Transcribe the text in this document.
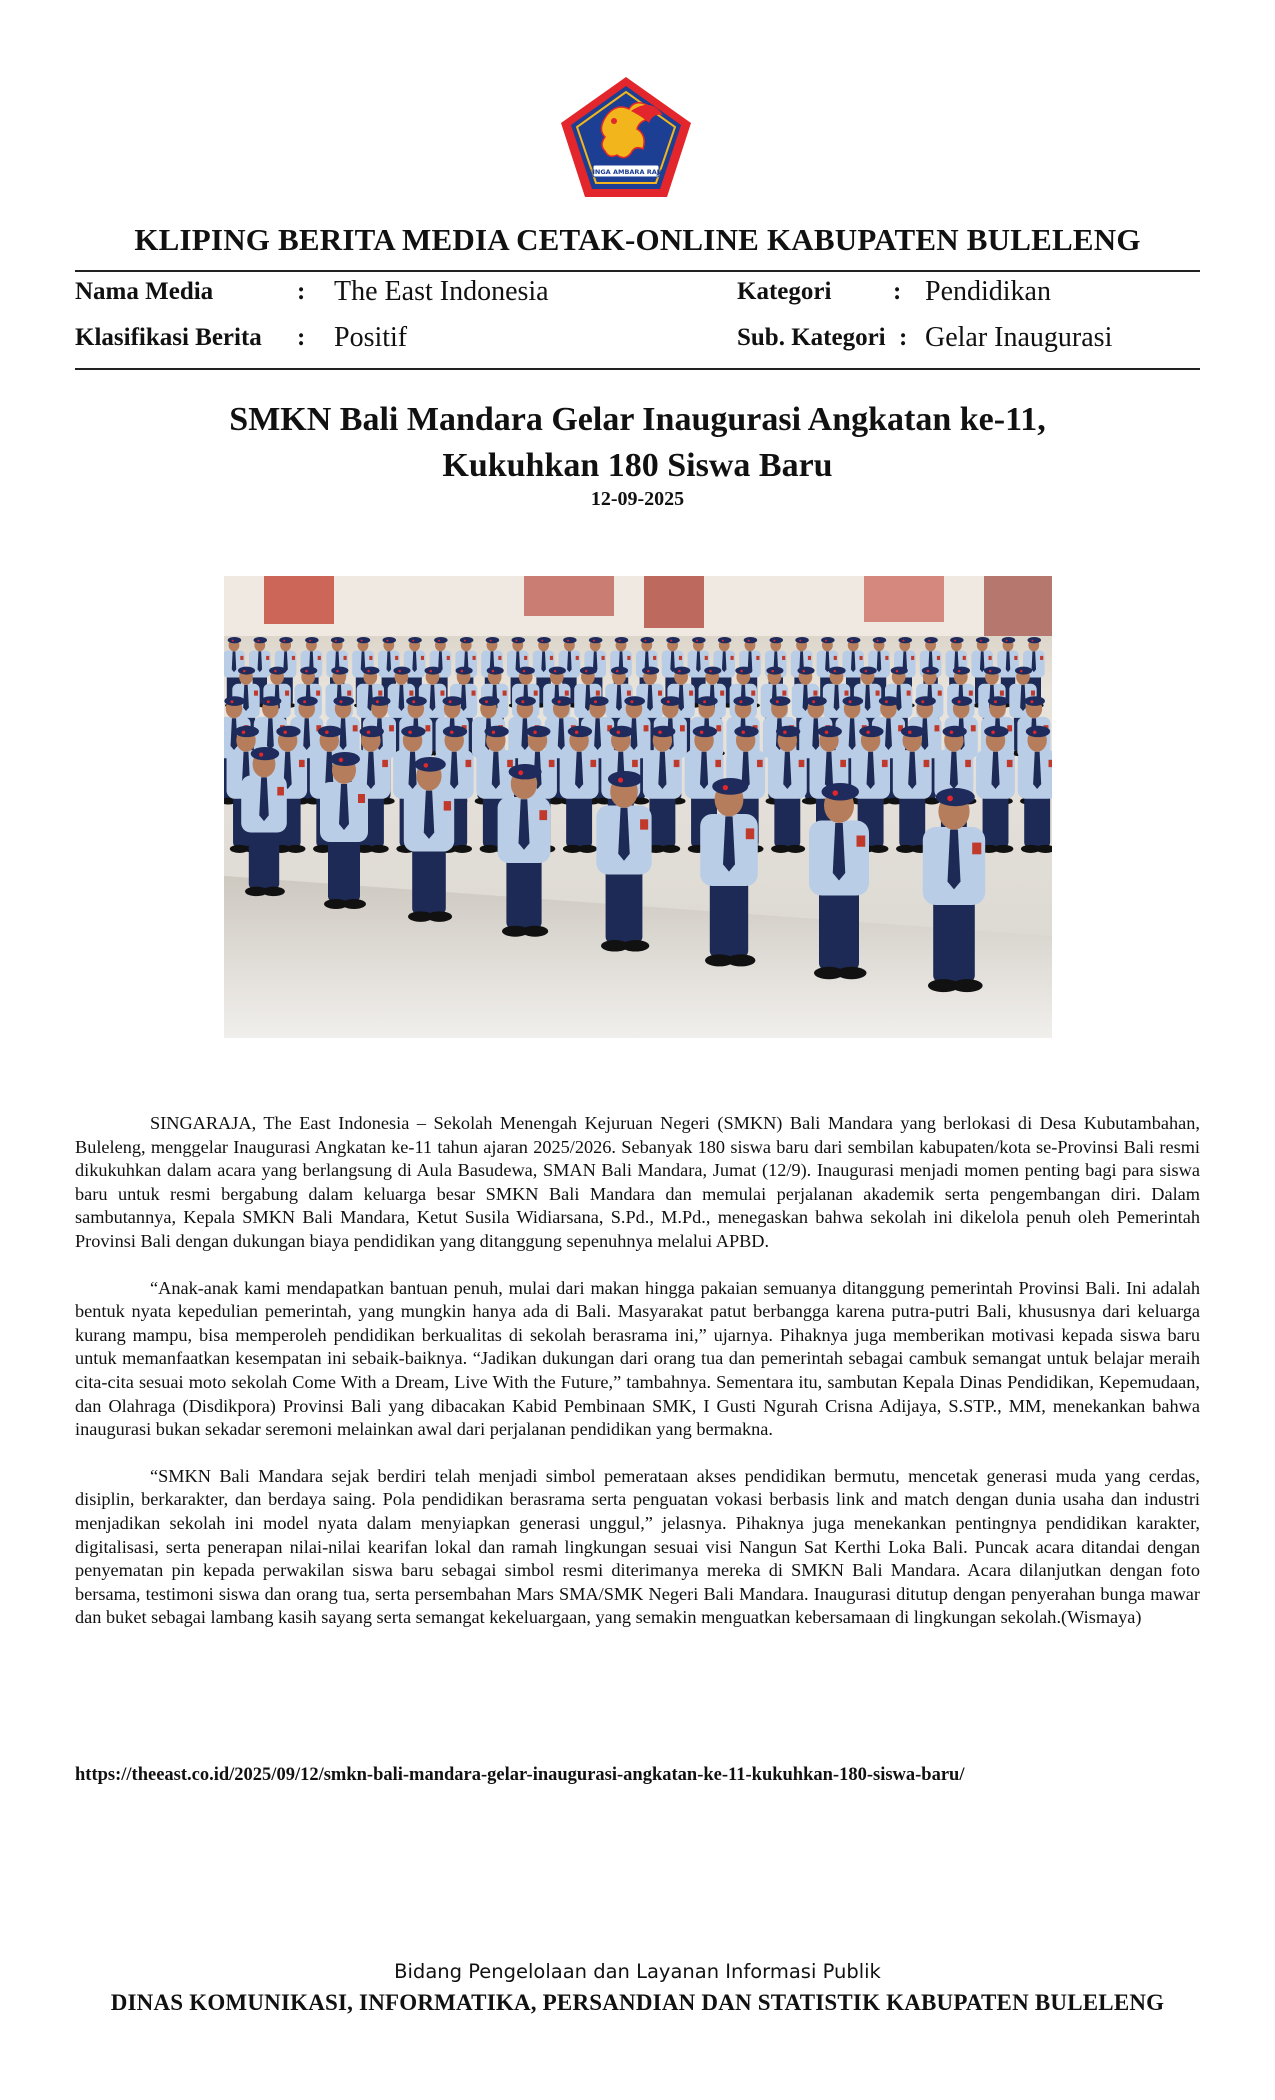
SINGA AMBARA RAJA
KLIPING BERITA MEDIA CETAK-ONLINE KABUPATEN BULELENG
Nama Media	: The East Indonesia	Kategori : Pendidikan
Klasifikasi Berita : Positif	Sub. Kategori : Gelar Inaugurasi
SMKN Bali Mandara Gelar Inaugurasi Angkatan ke-11,
Kukuhkan 180 Siswa Baru
12-09-2025

SINGARAJA, The East Indonesia – Sekolah Menengah Kejuruan Negeri (SMKN) Bali Mandara yang berlokasi di Desa Kubutambahan, Buleleng, menggelar Inaugurasi Angkatan ke-11 tahun ajaran 2025/2026. Sebanyak 180 siswa baru dari sembilan kabupaten/kota se-Provinsi Bali resmi dikukuhkan dalam acara yang berlangsung di Aula Basudewa, SMAN Bali Mandara, Jumat (12/9). Inaugurasi menjadi momen penting bagi para siswa baru untuk resmi bergabung dalam keluarga besar SMKN Bali Mandara dan memulai perjalanan akademik serta pengembangan diri. Dalam sambutannya, Kepala SMKN Bali Mandara, Ketut Susila Widiarsana, S.Pd., M.Pd., menegaskan bahwa sekolah ini dikelola penuh oleh Pemerintah Provinsi Bali dengan dukungan biaya pendidikan yang ditanggung sepenuhnya melalui APBD.

“Anak-anak kami mendapatkan bantuan penuh, mulai dari makan hingga pakaian semuanya ditanggung pemerintah Provinsi Bali. Ini adalah bentuk nyata kepedulian pemerintah, yang mungkin hanya ada di Bali. Masyarakat patut berbangga karena putra-putri Bali, khususnya dari keluarga kurang mampu, bisa memperoleh pendidikan berkualitas di sekolah berasrama ini,” ujarnya. Pihaknya juga memberikan motivasi kepada siswa baru untuk memanfaatkan kesempatan ini sebaik-baiknya. “Jadikan dukungan dari orang tua dan pemerintah sebagai cambuk semangat untuk belajar meraih cita-cita sesuai moto sekolah Come With a Dream, Live With the Future,” tambahnya. Sementara itu, sambutan Kepala Dinas Pendidikan, Kepemudaan, dan Olahraga (Disdikpora) Provinsi Bali yang dibacakan Kabid Pembinaan SMK, I Gusti Ngurah Crisna Adijaya, S.STP., MM, menekankan bahwa inaugurasi bukan sekadar seremoni melainkan awal dari perjalanan pendidikan yang bermakna.

“SMKN Bali Mandara sejak berdiri telah menjadi simbol pemerataan akses pendidikan bermutu, mencetak generasi muda yang cerdas, disiplin, berkarakter, dan berdaya saing. Pola pendidikan berasrama serta penguatan vokasi berbasis link and match dengan dunia usaha dan industri menjadikan sekolah ini model nyata dalam menyiapkan generasi unggul,” jelasnya. Pihaknya juga menekankan pentingnya pendidikan karakter, digitalisasi, serta penerapan nilai-nilai kearifan lokal dan ramah lingkungan sesuai visi Nangun Sat Kerthi Loka Bali. Puncak acara ditandai dengan penyematan pin kepada perwakilan siswa baru sebagai simbol resmi diterimanya mereka di SMKN Bali Mandara. Acara dilanjutkan dengan foto bersama, testimoni siswa dan orang tua, serta persembahan Mars SMA/SMK Negeri Bali Mandara. Inaugurasi ditutup dengan penyerahan bunga mawar dan buket sebagai lambang kasih sayang serta semangat kekeluargaan, yang semakin menguatkan kebersamaan di lingkungan sekolah.(Wismaya)

https://theeast.co.id/2025/09/12/smkn-bali-mandara-gelar-inaugurasi-angkatan-ke-11-kukuhkan-180-siswa-baru/
Bidang Pengelolaan dan Layanan Informasi Publik
DINAS KOMUNIKASI, INFORMATIKA, PERSANDIAN DAN STATISTIK KABUPATEN BULELENG
